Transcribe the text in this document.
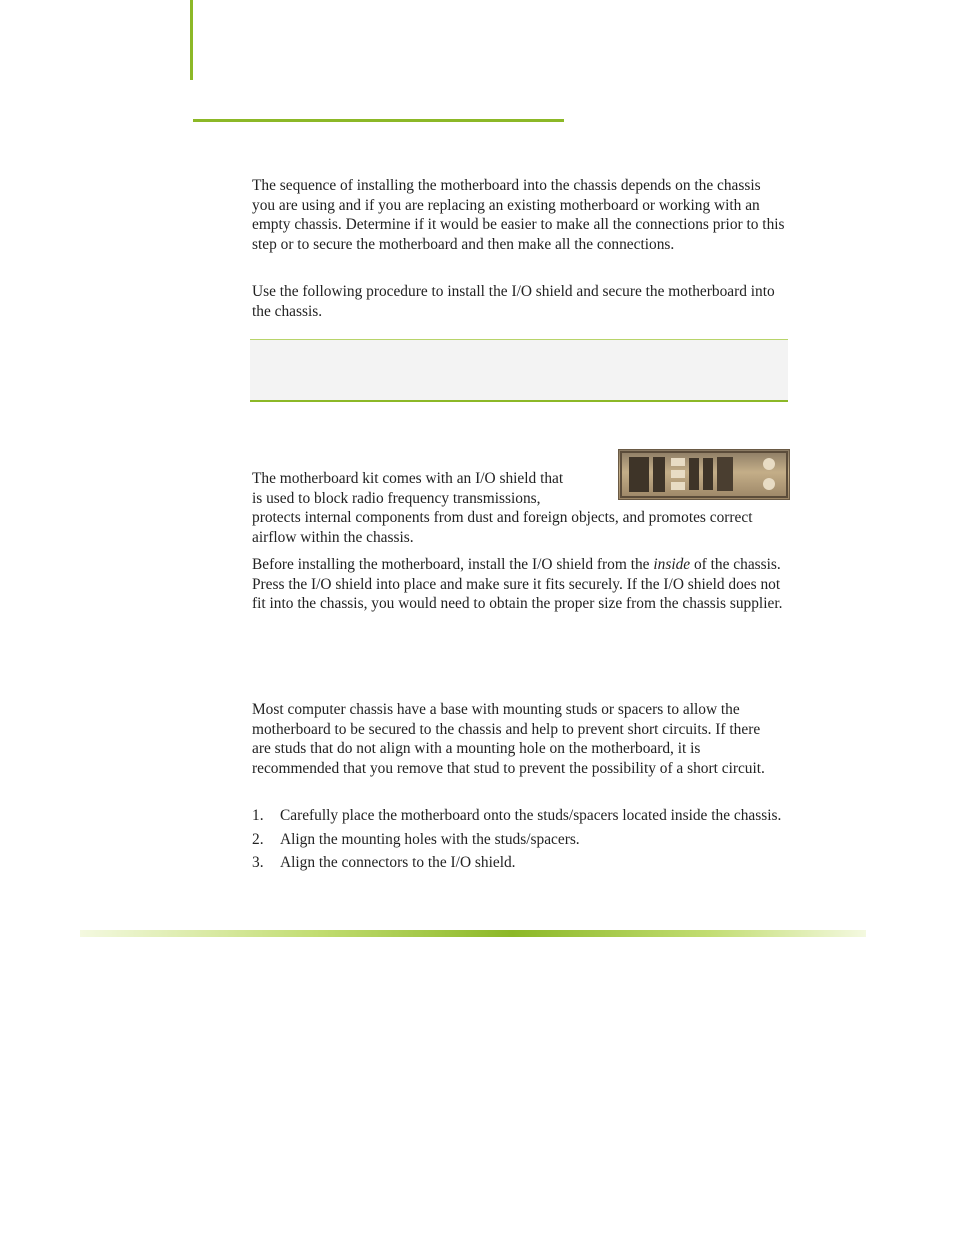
The sequence of installing the motherboard into the chassis depends on the chassis you are using and if you are replacing an existing motherboard or working with an empty chassis. Determine if it would be easier to make all the connections prior to this step or to secure the motherboard and then make all the connections.

Use the following procedure to install the I/O shield and secure the motherboard into the chassis.

The motherboard kit comes with an I/O shield that
is used to block radio frequency transmissions,
protects internal components from dust and foreign objects, and promotes correct airflow within the chassis.

Before installing the motherboard, install the I/O shield from the inside of the chassis. Press the I/O shield into place and make sure it fits securely. If the I/O shield does not fit into the chassis, you would need to obtain the proper size from the chassis supplier.

Most computer chassis have a base with mounting studs or spacers to allow the motherboard to be secured to the chassis and help to prevent short circuits. If there are studs that do not align with a mounting hole on the motherboard, it is recommended that you remove that stud to prevent the possibility of a short circuit.

1. Carefully place the motherboard onto the studs/spacers located inside the chassis.
2. Align the mounting holes with the studs/spacers.
3. Align the connectors to the I/O shield.
